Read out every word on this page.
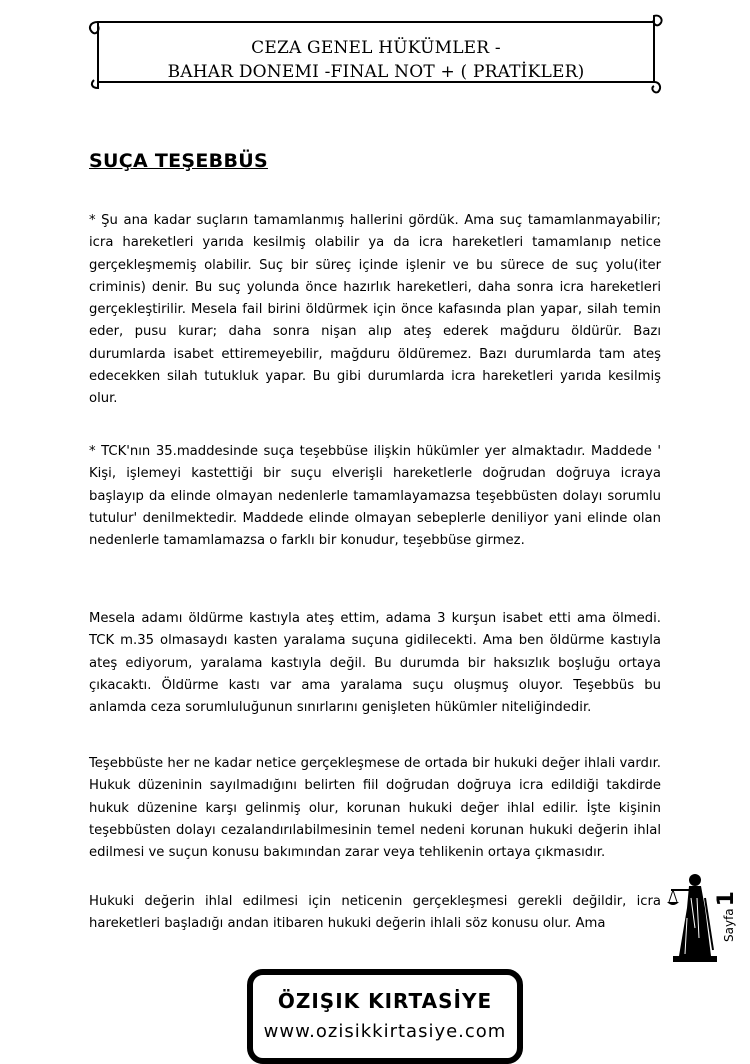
CEZA GENEL HÜKÜMLER -
BAHAR DONEMI -FINAL NOT + ( PRATİKLER)
SUÇA TEŞEBBÜS
* Şu ana kadar suçların tamamlanmış hallerini gördük. Ama suç tamamlanmayabilir; icra hareketleri yarıda kesilmiş olabilir ya da icra hareketleri tamamlanıp netice gerçekleşmemiş olabilir. Suç bir süreç içinde işlenir ve bu sürece de suç yolu(iter criminis) denir. Bu suç yolunda önce hazırlık hareketleri, daha sonra icra hareketleri gerçekleştirilir. Mesela fail birini öldürmek için önce kafasında plan yapar, silah temin eder, pusu kurar; daha sonra nişan alıp ateş ederek mağduru öldürür. Bazı durumlarda isabet ettiremeyebilir, mağduru öldüremez. Bazı durumlarda tam ateş edecekken silah tutukluk yapar. Bu gibi durumlarda icra hareketleri yarıda kesilmiş olur.
* TCK'nın 35.maddesinde suça teşebbüse ilişkin hükümler yer almaktadır. Maddede ' Kişi, işlemeyi kastettiği bir suçu elverişli hareketlerle doğrudan doğruya icraya başlayıp da elinde olmayan nedenlerle tamamlayamazsa teşebbüsten dolayı sorumlu tutulur' denilmektedir. Maddede elinde olmayan sebeplerle deniliyor yani elinde olan nedenlerle tamamlamazsa o farklı bir konudur, teşebbüse girmez.
Mesela adamı öldürme kastıyla ateş ettim, adama 3 kurşun isabet etti ama ölmedi. TCK m.35 olmasaydı kasten yaralama suçuna gidilecekti. Ama ben öldürme kastıyla ateş ediyorum, yaralama kastıyla değil. Bu durumda bir haksızlık boşluğu ortaya çıkacaktı. Öldürme kastı var ama yaralama suçu oluşmuş oluyor. Teşebbüs bu anlamda ceza sorumluluğunun sınırlarını genişleten hükümler niteliğindedir.
Teşebbüste her ne kadar netice gerçekleşmese de ortada bir hukuki değer ihlali vardır. Hukuk düzeninin sayılmadığını belirten fiil doğrudan doğruya icra edildiği takdirde hukuk düzenine karşı gelinmiş olur, korunan hukuki değer ihlal edilir. İşte kişinin teşebbüsten dolayı cezalandırılabilmesinin temel nedeni korunan hukuki değerin ihlal edilmesi ve suçun konusu bakımından zarar veya tehlikenin ortaya çıkmasıdır.
Hukuki değerin ihlal edilmesi için neticenin gerçekleşmesi gerekli değildir, icra hareketleri başladığı andan itibaren hukuki değerin ihlali söz konusu olur. Ama	Sayfa1
ÖZIŞIK KIRTASİYE
www.ozisikkirtasiye.com
